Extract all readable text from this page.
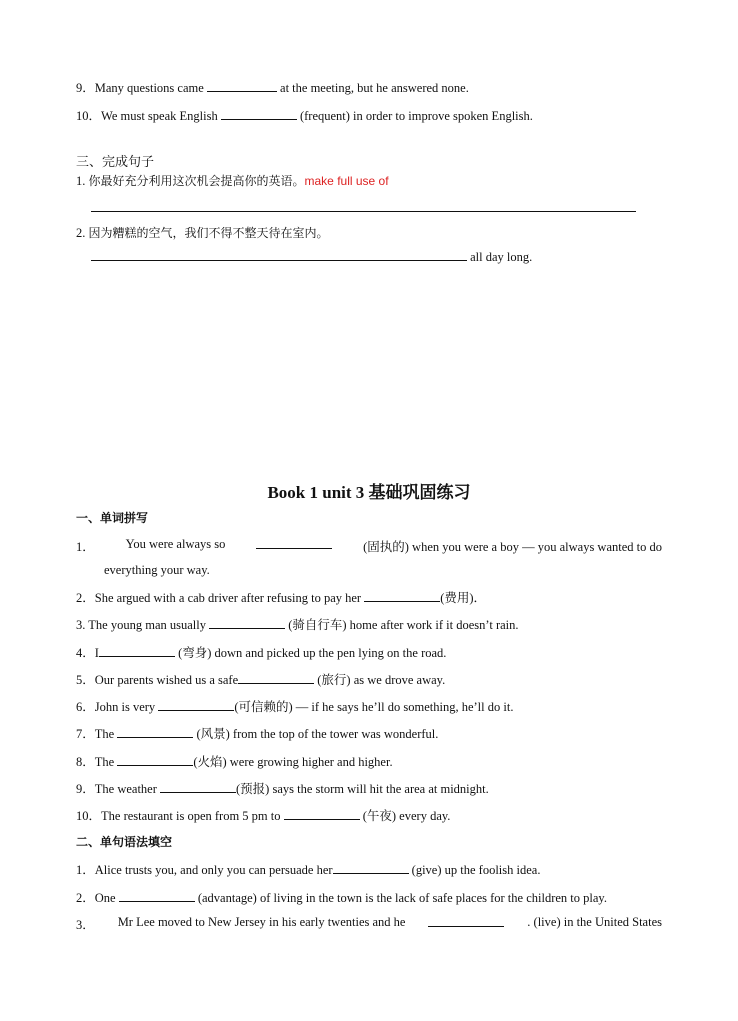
9．Many questions came	at the meeting, but he answered none.
10．We must speak English	(frequent) in order to improve spoken English.
三、完成句子
1. 你最好充分利用这次机会提高你的英语。make full use of
2. 因为糟糕的空气，我们不得不整天待在室内。
all day long.
Book 1 unit 3 基础巩固练习
一、单词拼写
1． You were always so	(固执的) when you were a boy — you always wanted to do
everything your way.
2．She argued with a cab driver after refusing to pay her	(费用)．
3. The young man usually	(骑自行车) home after work if it doesn’t rain.
4．I	(弯身) down and picked up the pen lying on the road.
5．Our parents wished us a safe	(旅行) as we drove away.
6．John is very	(可信赖的) — if he says he’ll do something, he’ll do it.
7．The	(风景) from the top of the tower was wonderful.
8．The	(火焰) were growing higher and higher.
9．The weather	(预报) says the storm will hit the area at midnight.
10．The restaurant is open from 5 pm to	(午夜) every day.
二、单句语法填空
1．Alice trusts you, and only you can persuade her	(give) up the foolish idea.
2．One	(advantage) of living in the town is the lack of safe places for the children to play.
3． Mr Lee moved to New Jersey in his early twenties and he	. (live) in the United States
